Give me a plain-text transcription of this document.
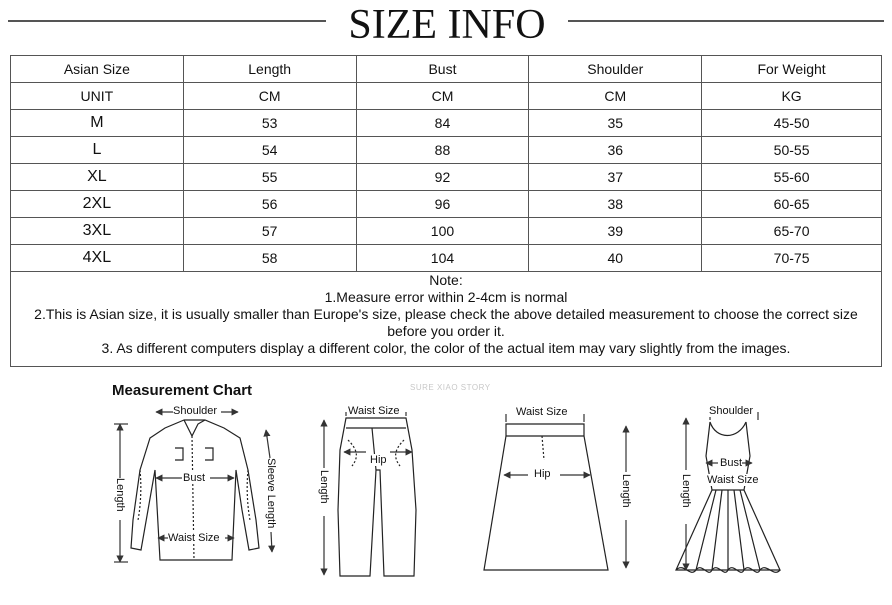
SIZE INFO
Asian Size	Length	Bust	Shoulder	For Weight
UNIT	CM	CM	CM	KG
M	53	84	35	45-50
L	54	88	36	50-55
XL	55	92	37	55-60
2XL	56	96	38	60-65
3XL	57	100	39	65-70
4XL	58	104	40	70-75
Note:
1.Measure error within 2-4cm is normal
2.This is Asian size, it is usually smaller than Europe's size, please check the above detailed measurement to choose the correct size
before you order it.
3. As different computers display a different color, the color of the actual item may vary slightly from the images.
Measurement Chart	SURE XIAO STORY
Shoulder
Bust
Waist Size
Length	Sleeve Length
Waist Size
Hip
Length
Waist Size
Hip	Length
Shoulder
Bust
Waist Size
Length
